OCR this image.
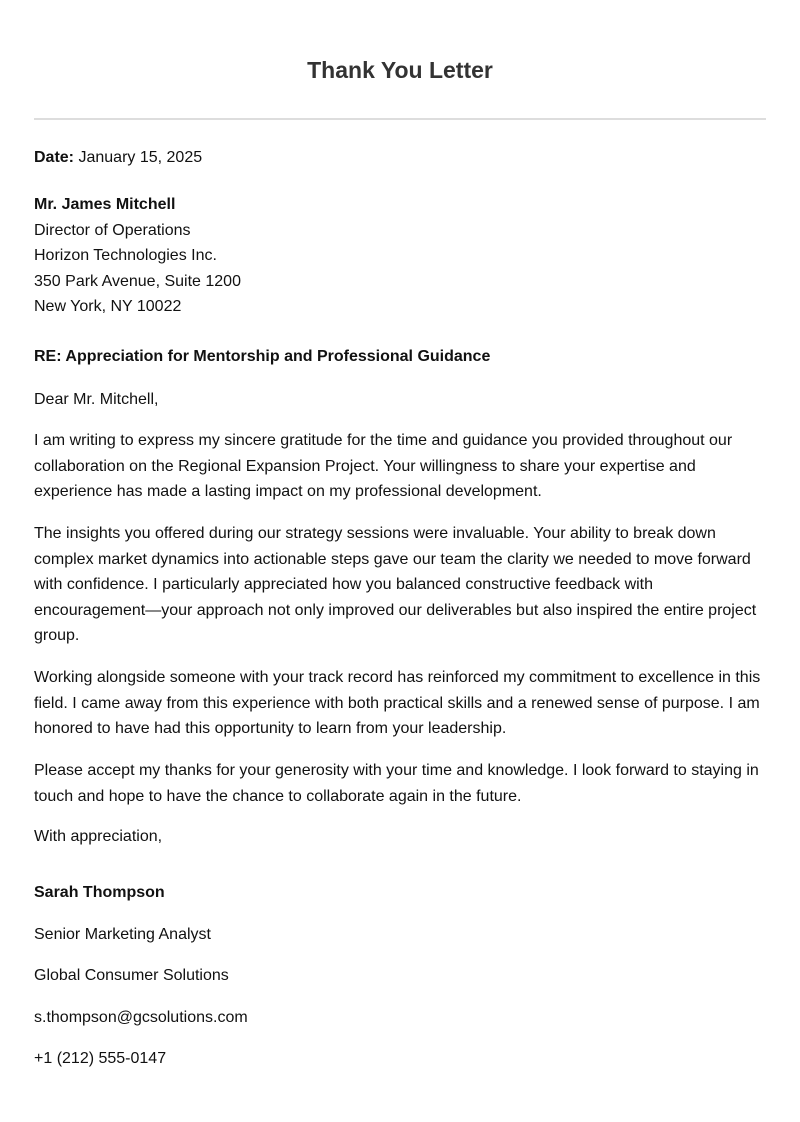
Thank You Letter
Date: January 15, 2025
Mr. James Mitchell
Director of Operations
Horizon Technologies Inc.
350 Park Avenue, Suite 1200
New York, NY 10022
RE: Appreciation for Mentorship and Professional Guidance
Dear Mr. Mitchell,
I am writing to express my sincere gratitude for the time and guidance you provided throughout our collaboration on the Regional Expansion Project. Your willingness to share your expertise and experience has made a lasting impact on my professional development.
The insights you offered during our strategy sessions were invaluable. Your ability to break down complex market dynamics into actionable steps gave our team the clarity we needed to move forward with confidence. I particularly appreciated how you balanced constructive feedback with encouragement—your approach not only improved our deliverables but also inspired the entire project group.
Working alongside someone with your track record has reinforced my commitment to excellence in this field. I came away from this experience with both practical skills and a renewed sense of purpose. I am honored to have had this opportunity to learn from your leadership.
Please accept my thanks for your generosity with your time and knowledge. I look forward to staying in touch and hope to have the chance to collaborate again in the future.
With appreciation,
Sarah Thompson
Senior Marketing Analyst
Global Consumer Solutions
s.thompson@gcsolutions.com
+1 (212) 555-0147
